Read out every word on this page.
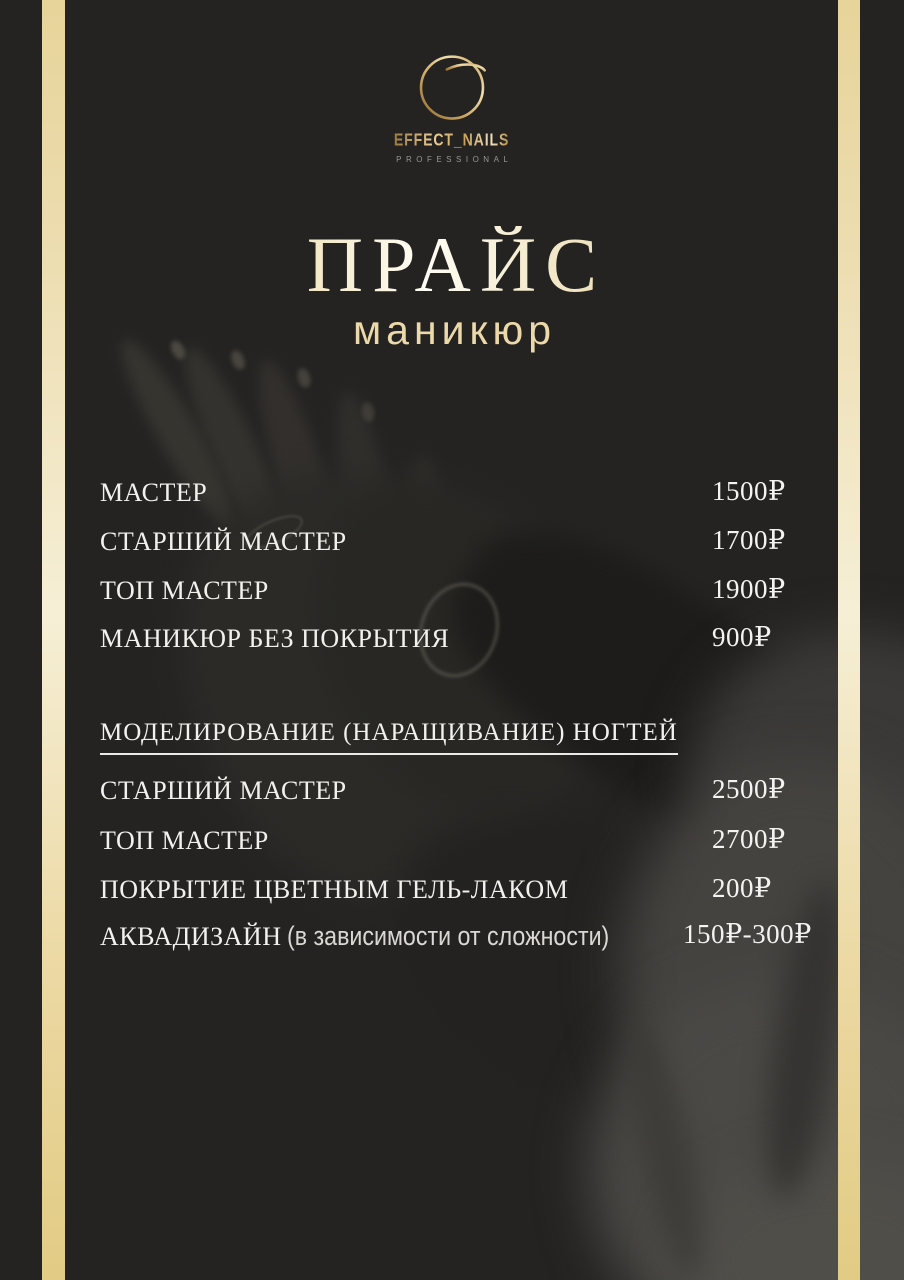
EFFECT_NAILS
PROFESSIONAL
ПРАЙС
маникюр
МАСТЕР	1500₽
СТАРШИЙ МАСТЕР	1700₽
ТОП МАСТЕР	1900₽
МАНИКЮР БЕЗ ПОКРЫТИЯ	900₽
МОДЕЛИРОВАНИЕ (НАРАЩИВАНИЕ) НОГТЕЙ
СТАРШИЙ МАСТЕР	2500₽
ТОП МАСТЕР	2700₽
ПОКРЫТИЕ ЦВЕТНЫМ ГЕЛЬ-ЛАКОМ	200₽
АКВАДИЗАЙН (в зависимости от сложности)	150₽-300₽
